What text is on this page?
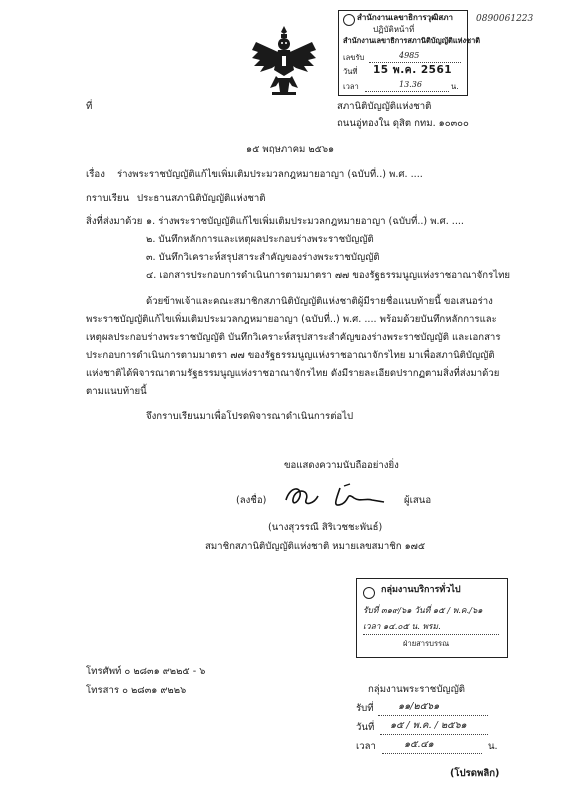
0890061223
สำนักงานเลขาธิการวุฒิสภา
ปฏิบัติหน้าที่
สำนักงานเลขาธิการสภานิติบัญญัติแห่งชาติ
เลขรับ	4985
วันที่ 15 พ.ค. 2561
เวลา	13.36	น.
ที่	สภานิติบัญญัติแห่งชาติ
ถนนอู่ทองใน ดุสิต กทม. ๑๐๓๐๐
๑๕ พฤษภาคม ๒๕๖๑
เรื่อง ร่างพระราชบัญญัติแก้ไขเพิ่มเติมประมวลกฎหมายอาญา (ฉบับที่..) พ.ศ. ....
กราบเรียน ประธานสภานิติบัญญัติแห่งชาติ
สิ่งที่ส่งมาด้วย ๑. ร่างพระราชบัญญัติแก้ไขเพิ่มเติมประมวลกฎหมายอาญา (ฉบับที่..) พ.ศ. ....
๒. บันทึกหลักการและเหตุผลประกอบร่างพระราชบัญญัติ
๓. บันทึกวิเคราะห์สรุปสาระสำคัญของร่างพระราชบัญญัติ
๔. เอกสารประกอบการดำเนินการตามมาตรา ๗๗ ของรัฐธรรมนูญแห่งราชอาณาจักรไทย
ด้วยข้าพเจ้าและคณะสมาชิกสภานิติบัญญัติแห่งชาติผู้มีรายชื่อแนบท้ายนี้ ขอเสนอร่าง
พระราชบัญญัติแก้ไขเพิ่มเติมประมวลกฎหมายอาญา (ฉบับที่..) พ.ศ. .... พร้อมด้วยบันทึกหลักการและ
เหตุผลประกอบร่างพระราชบัญญัติ บันทึกวิเคราะห์สรุปสาระสำคัญของร่างพระราชบัญญัติ และเอกสาร
ประกอบการดำเนินการตามมาตรา ๗๗ ของรัฐธรรมนูญแห่งราชอาณาจักรไทย มาเพื่อสภานิติบัญญัติ
แห่งชาติได้พิจารณาตามรัฐธรรมนูญแห่งราชอาณาจักรไทย ดังมีรายละเอียดปรากฏตามสิ่งที่ส่งมาด้วย
ตามแนบท้ายนี้
จึงกราบเรียนมาเพื่อโปรดพิจารณาดำเนินการต่อไป
ขอแสดงความนับถืออย่างยิ่ง
(ลงชื่อ)	ผู้เสนอ
(นางสุวรรณี สิริเวชชะพันธ์)
สมาชิกสภานิติบัญญัติแห่งชาติ หมายเลขสมาชิก ๑๗๕
กลุ่มงานบริการทั่วไป
รับที่ ๓๑๙/๖๑ วันที่ ๑๕ / พ.ค./๖๑
เวลา ๑๔.๐๕ น. พรม.
ฝ่ายสารบรรณ
โทรศัพท์ ๐ ๒๘๓๑ ๙๒๒๕ - ๖
โทรสาร ๐ ๒๘๓๑ ๙๒๒๖	กลุ่มงานพระราชบัญญัติ
รับที่	๑๑/๒๕๖๑
วันที่ ๑๕ / พ.ค. / ๒๕๖๑
เวลา	๑๕.๔๑	น.
(โปรดพลิก)
